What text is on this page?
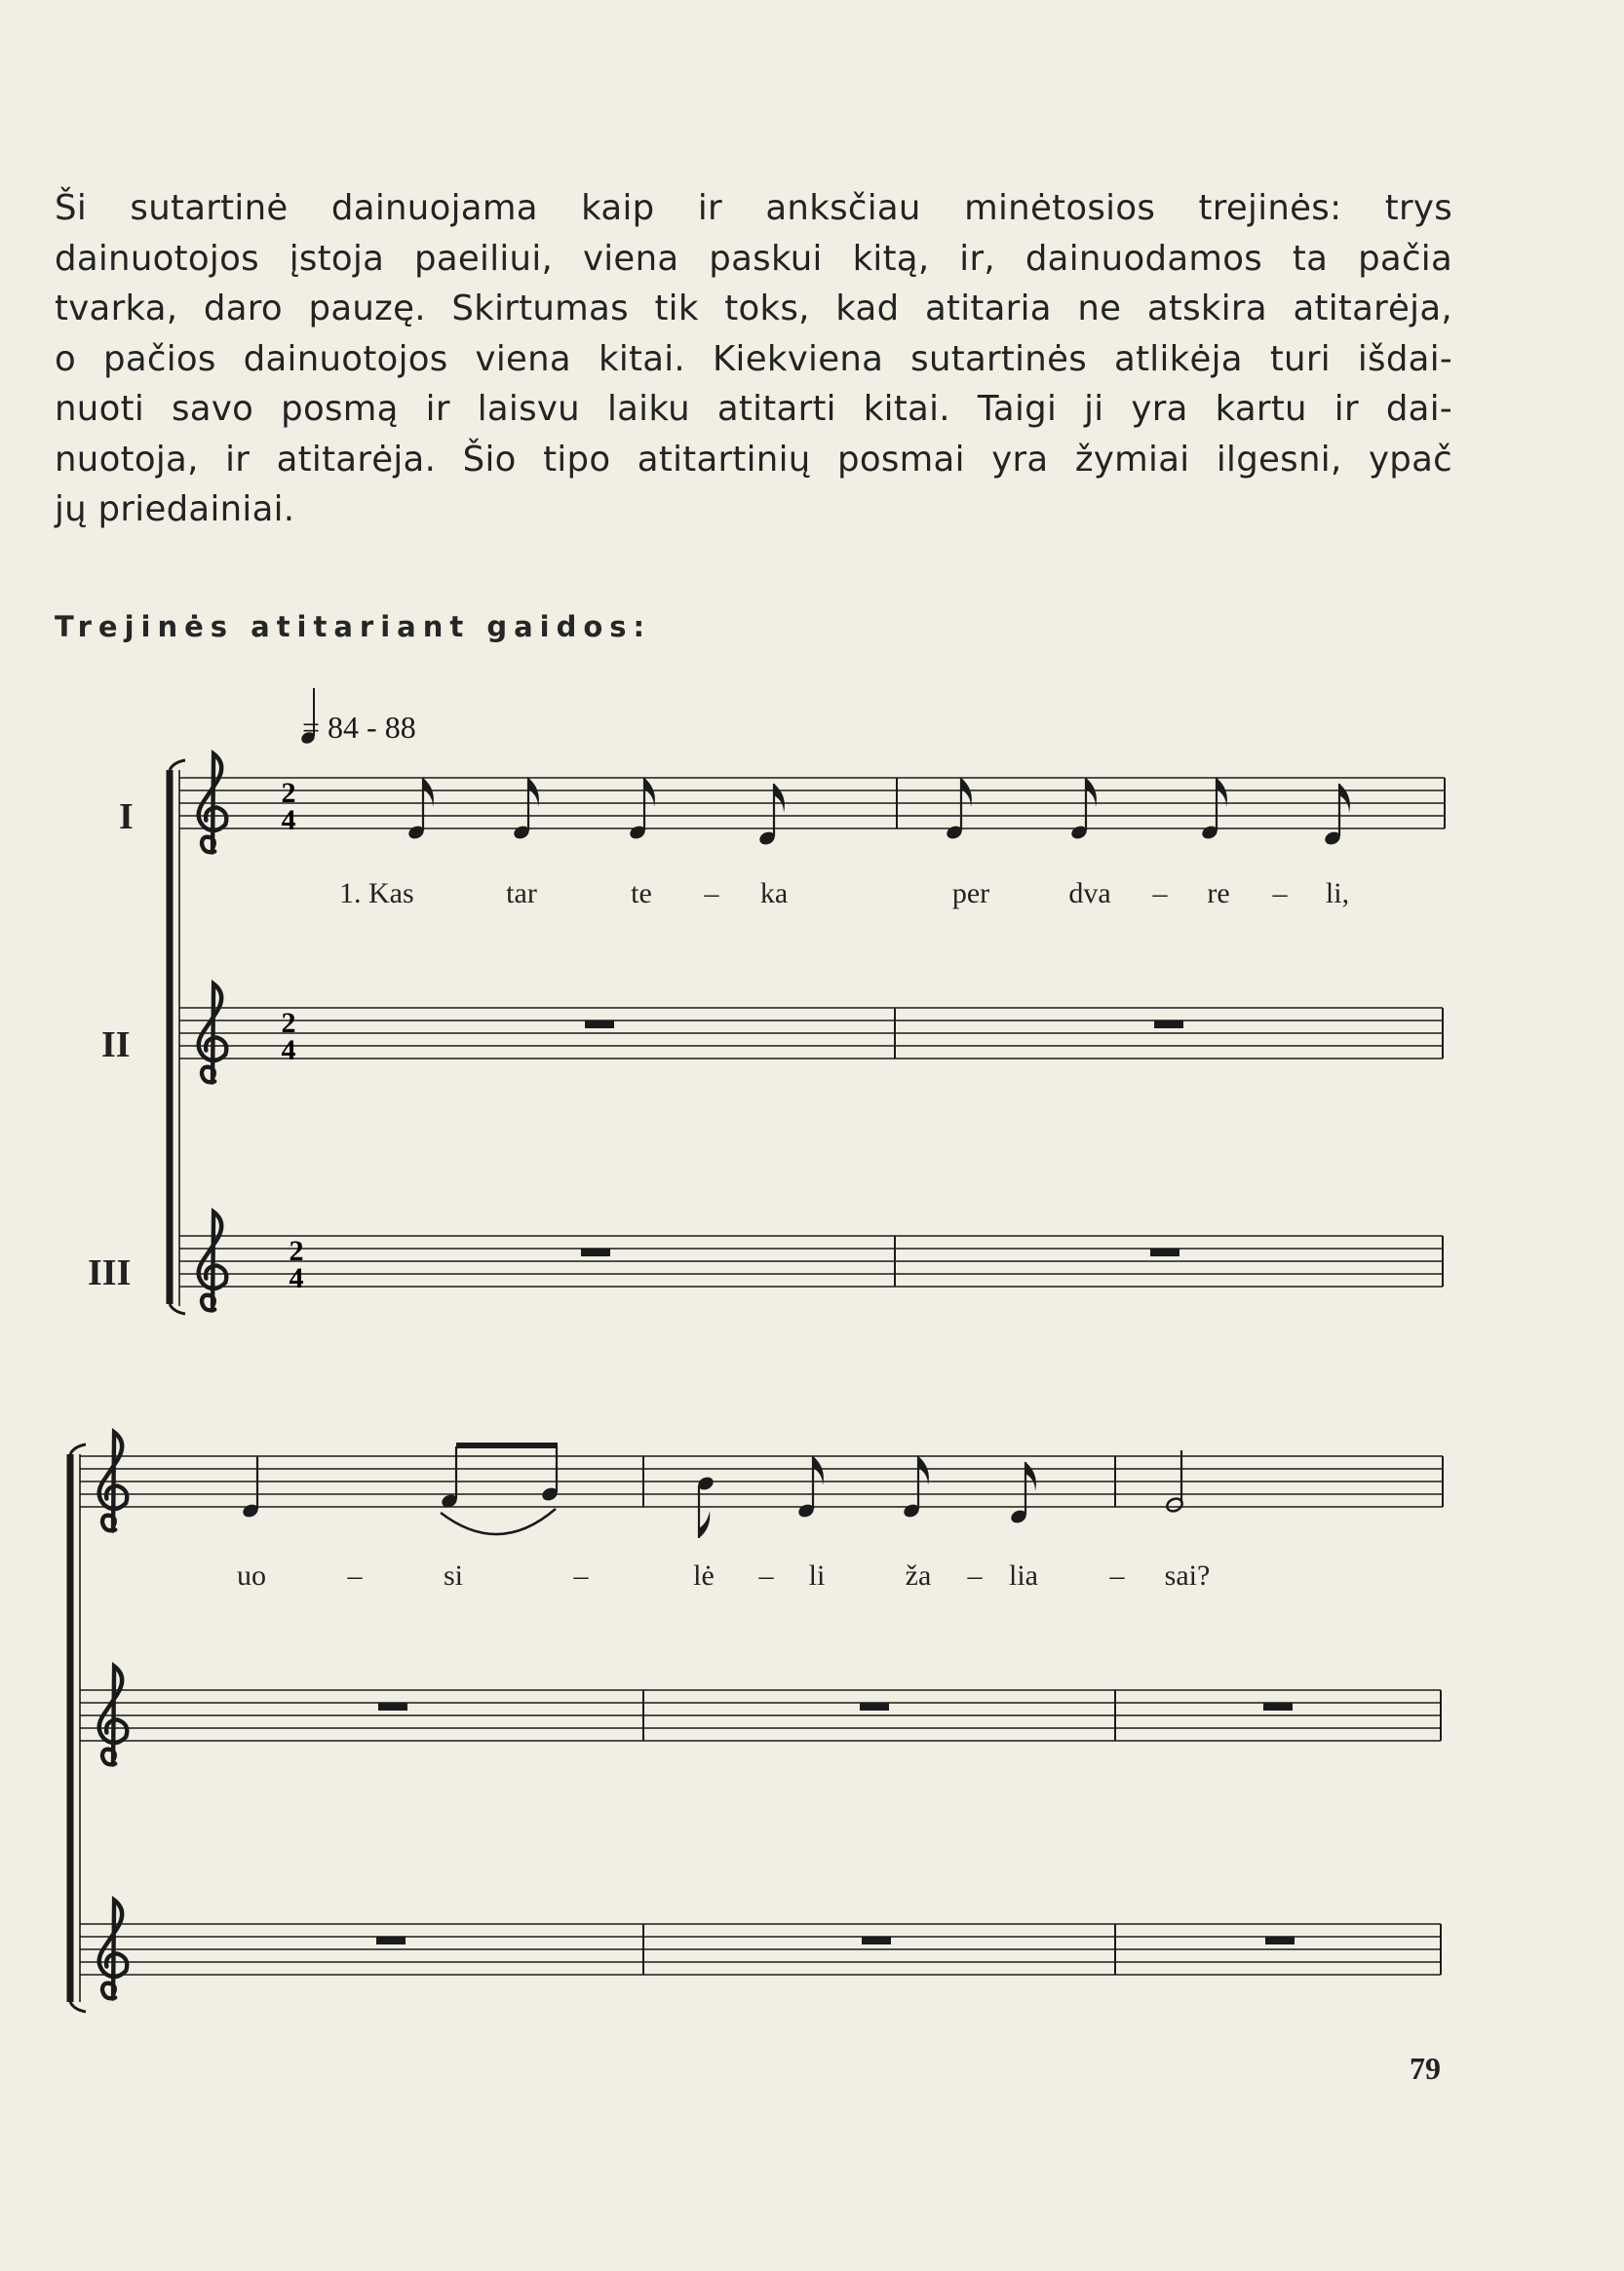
Ši sutartinė dainuojama kaip ir anksčiau minėtosios trejinės: trys
dainuotojos įstoja paeiliui, viena paskui kitą, ir, dainuodamos ta pačia
tvarka, daro pauzę. Skirtumas tik toks, kad atitaria ne atskira atitarėja,
o pačios dainuotojos viena kitai. Kiekviena sutartinės atlikėja turi išdai-
nuoti savo posmą ir laisvu laiku atitarti kitai. Taigi ji yra kartu ir dai-
nuotoja, ir atitarėja. Šio tipo atitartinių posmai yra žymiai ilgesni, ypač
jų priedainiai.
Trejinės atitariant gaidos:
2
4
2
4
2
4
= 84 - 88
I
II
III
1. Kas	tar	te – ka	per	dva – re – li,
uo	–	si	–	lė – li	ža – lia – sai?
79
